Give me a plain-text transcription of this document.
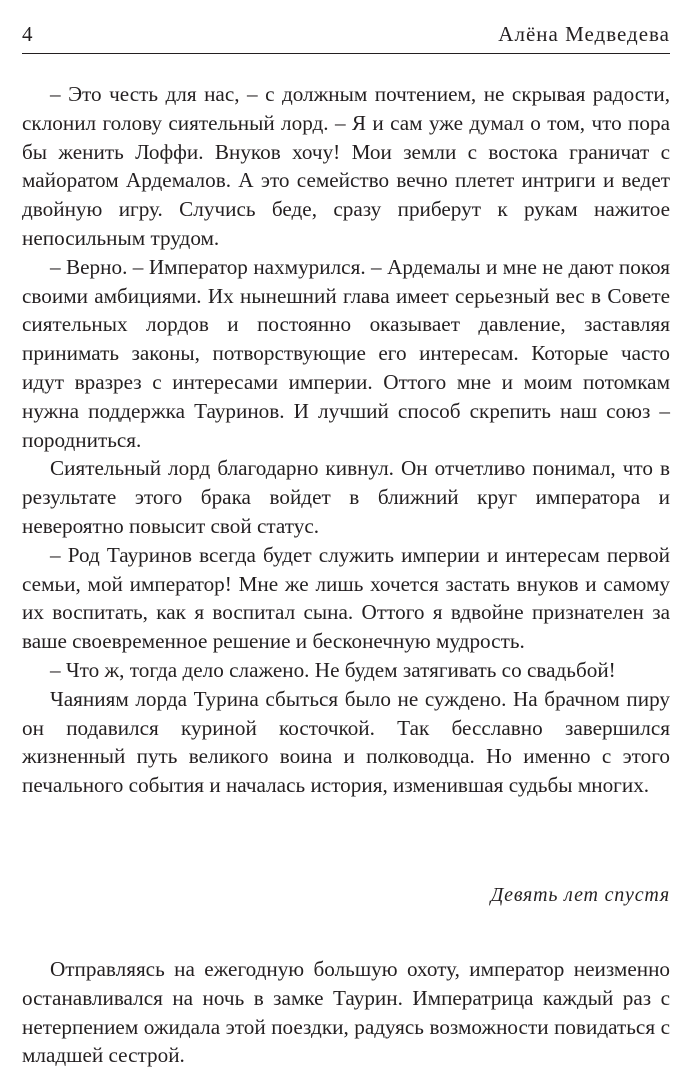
4	Алёна Медведева

– Это честь для нас, – с должным почтением, не скрывая радости, склонил голову сиятельный лорд. – Я и сам уже думал о том, что пора бы женить Лоффи. Внуков хочу! Мои земли с востока граничат с майоратом Ардемалов. А это семейство вечно плетет интриги и ведет двойную игру. Случись беде, сразу приберут к рукам нажитое непосильным трудом.

– Верно. – Император нахмурился. – Ардемалы и мне не дают покоя своими амбициями. Их нынешний глава имеет серьезный вес в Совете сиятельных лордов и постоянно оказывает давление, заставляя принимать законы, потворствующие его интересам. Которые часто идут вразрез с интересами империи. Оттого мне и моим потомкам нужна поддержка Тауринов. И лучший способ скрепить наш союз – породниться.

Сиятельный лорд благодарно кивнул. Он отчетливо понимал, что в результате этого брака войдет в ближний круг императора и невероятно повысит свой статус.

– Род Тауринов всегда будет служить империи и интересам первой семьи, мой император! Мне же лишь хочется застать внуков и самому их воспитать, как я воспитал сына. Оттого я вдвойне признателен за ваше своевременное решение и бесконечную мудрость.

– Что ж, тогда дело слажено. Не будем затягивать со свадьбой!

Чаяниям лорда Турина сбыться было не суждено. На брачном пиру он подавился куриной косточкой. Так бесславно завершился жизненный путь великого воина и полководца. Но именно с этого печального события и началась история, изменившая судьбы многих.

Девять лет спустя

Отправляясь на ежегодную большую охоту, император неизменно останавливался на ночь в замке Таурин. Императрица каждый раз с нетерпением ожидала этой поездки, радуясь возможности повидаться с младшей сестрой.
